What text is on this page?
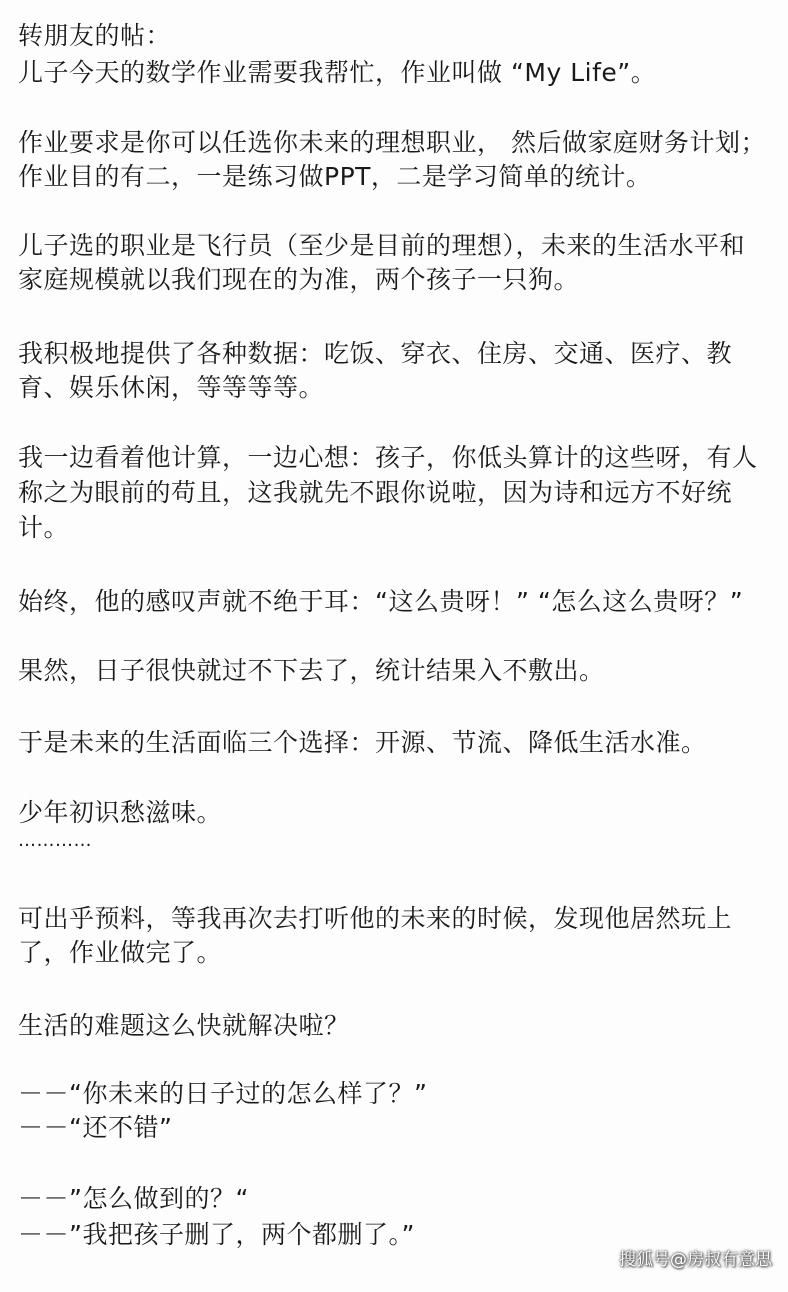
转朋友的帖：
儿子今天的数学作业需要我帮忙，作业叫做 “My Life”。
作业要求是你可以任选你未来的理想职业， 然后做家庭财务计划；
作业目的有二，一是练习做PPT，二是学习简单的统计。
儿子选的职业是飞行员（至少是目前的理想），未来的生活水平和
家庭规模就以我们现在的为准，两个孩子一只狗。
我积极地提供了各种数据：吃饭、穿衣、住房、交通、医疗、教
育、娱乐休闲，等等等等。
我一边看着他计算，一边心想：孩子，你低头算计的这些呀，有人
称之为眼前的苟且，这我就先不跟你说啦，因为诗和远方不好统
计。
始终，他的感叹声就不绝于耳：“这么贵呀！” “怎么这么贵呀？”
果然，日子很快就过不下去了，统计结果入不敷出。
于是未来的生活面临三个选择：开源、节流、降低生活水准。
少年初识愁滋味。
…………
可出乎预料，等我再次去打听他的未来的时候，发现他居然玩上
了，作业做完了。
生活的难题这么快就解决啦？
－－“你未来的日子过的怎么样了？”
－－“还不错”
－－”怎么做到的？“
－－”我把孩子删了，两个都删了。”
搜狐号@房叔有意思
